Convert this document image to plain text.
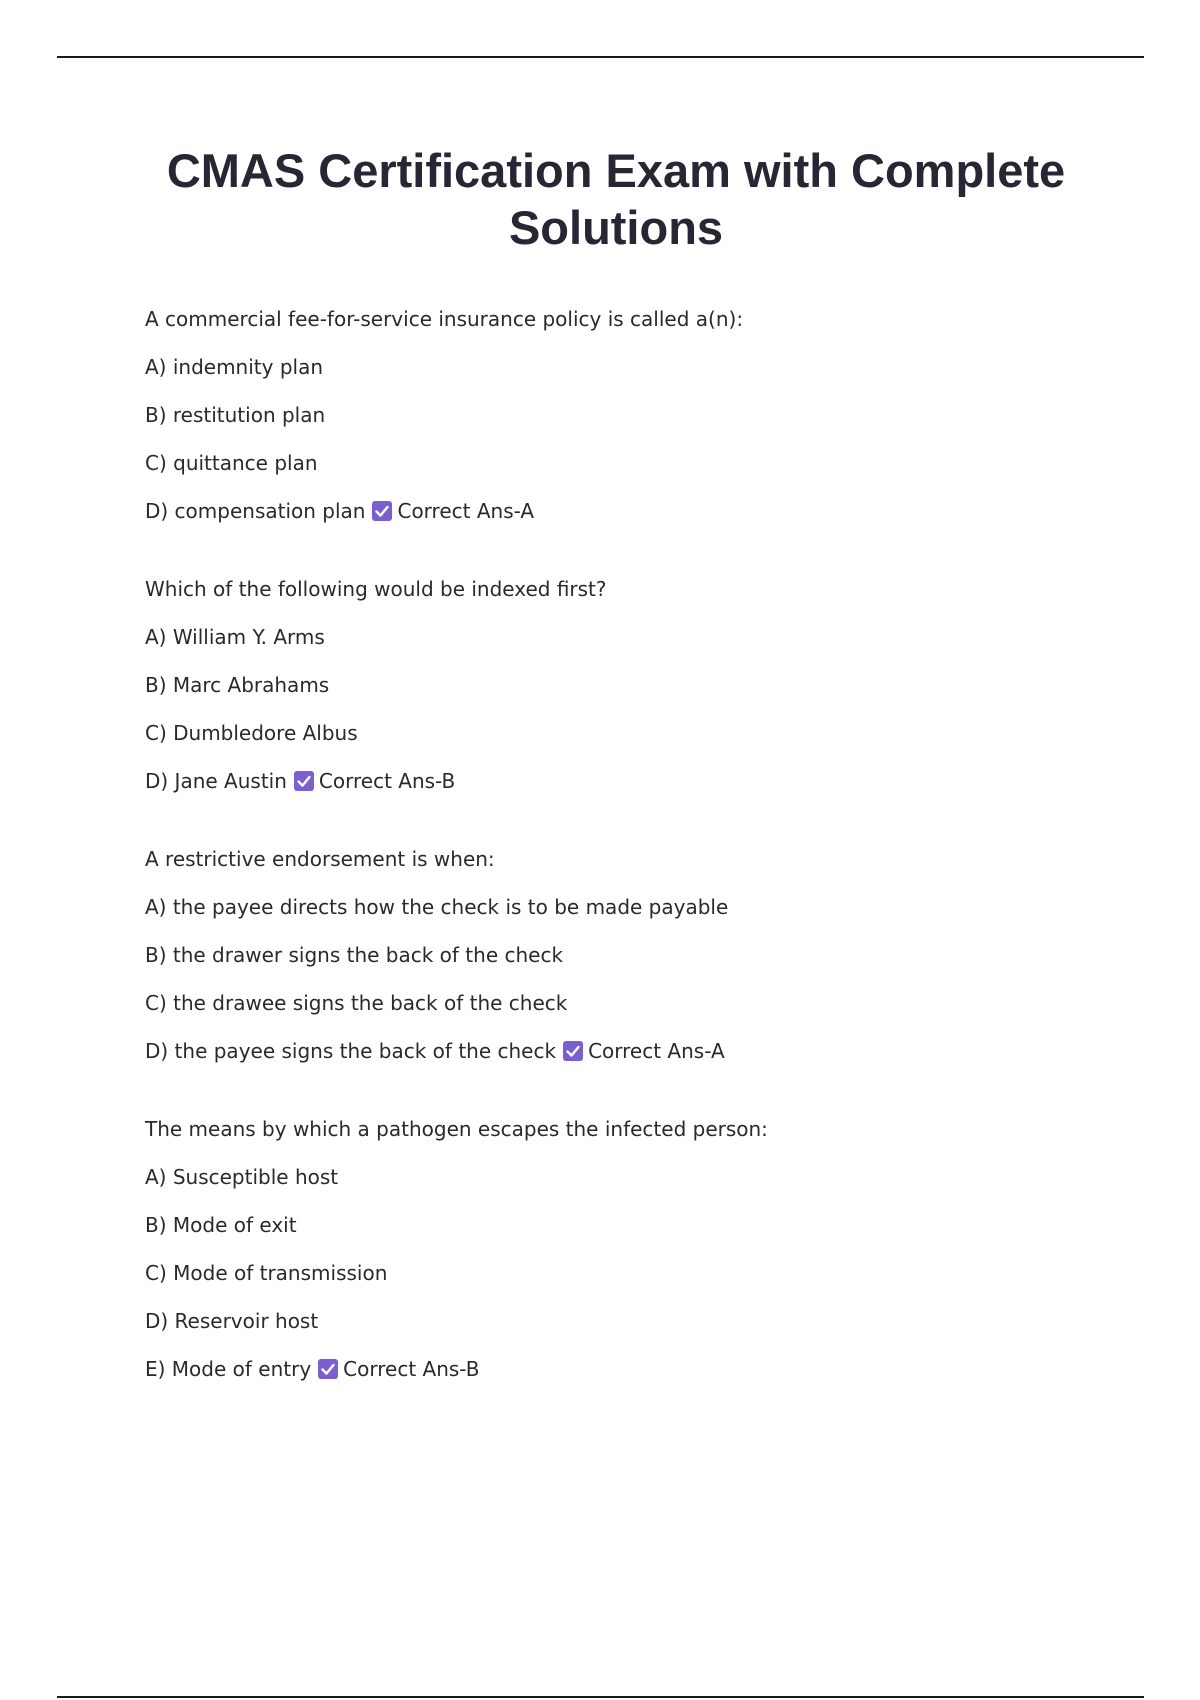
CMAS Certification Exam with Complete Solutions
A commercial fee-for-service insurance policy is called a(n):
A) indemnity plan
B) restitution plan
C) quittance plan
D) compensation plan Correct Ans-A
Which of the following would be indexed first?
A) William Y. Arms
B) Marc Abrahams
C) Dumbledore Albus
D) Jane Austin Correct Ans-B
A restrictive endorsement is when:
A) the payee directs how the check is to be made payable
B) the drawer signs the back of the check
C) the drawee signs the back of the check
D) the payee signs the back of the check Correct Ans-A
The means by which a pathogen escapes the infected person:
A) Susceptible host
B) Mode of exit
C) Mode of transmission
D) Reservoir host
E) Mode of entry Correct Ans-B
